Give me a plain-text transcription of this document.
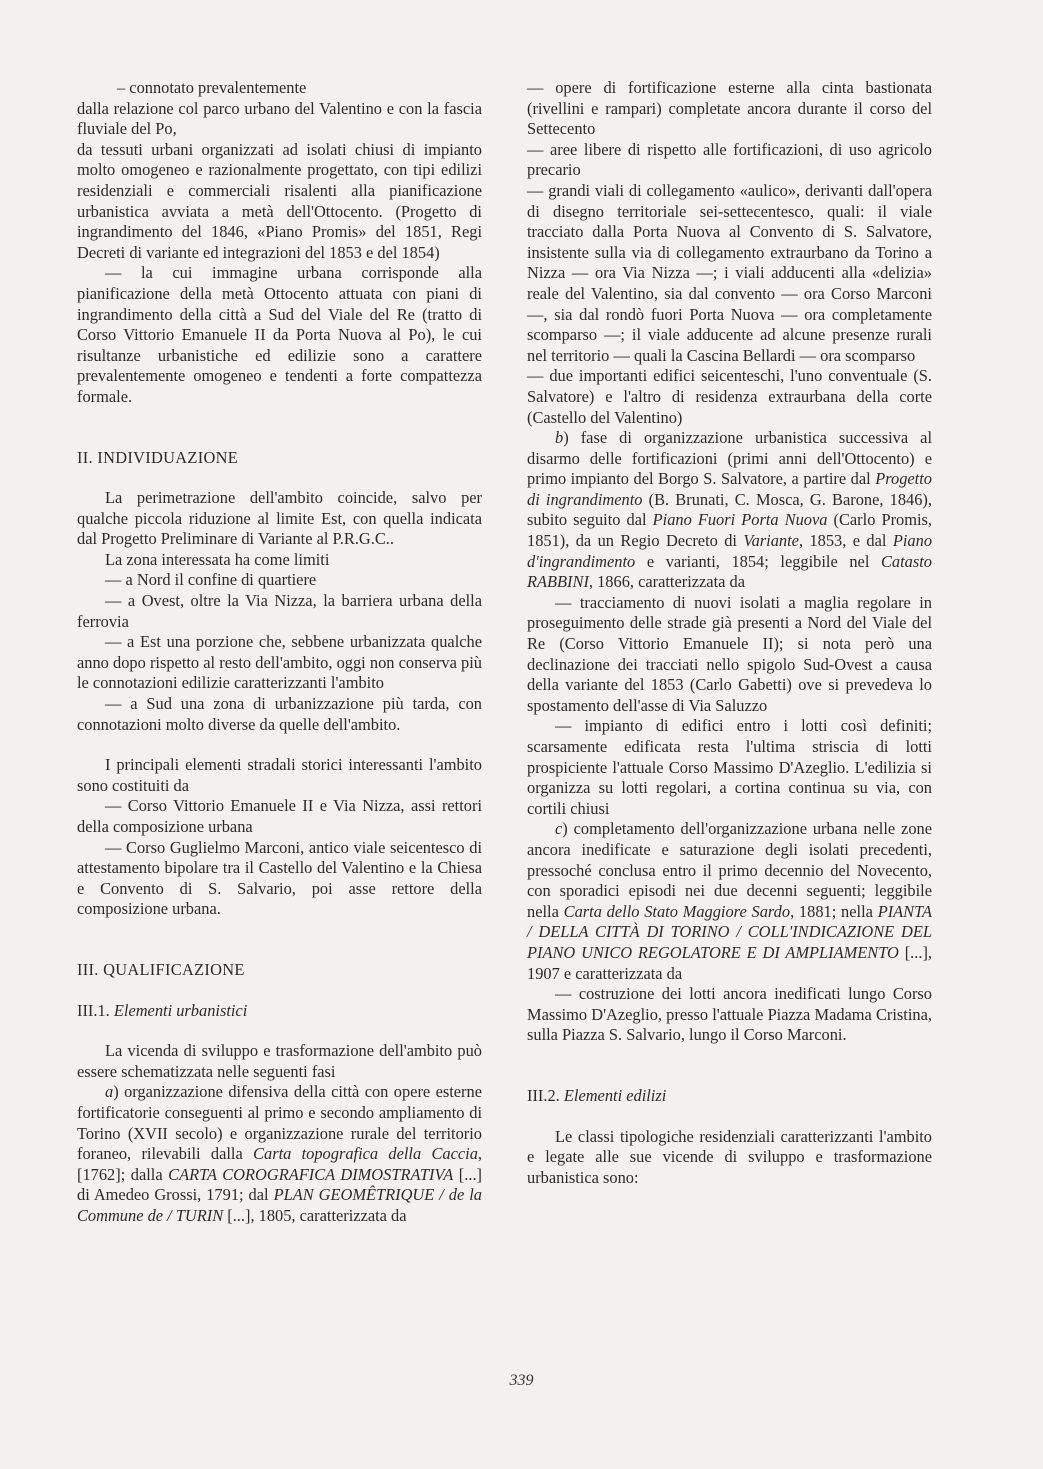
– connotato prevalentemente

dalla relazione col parco urbano del Valentino e con la fascia fluviale del Po,

da tessuti urbani organizzati ad isolati chiusi di impianto molto omogeneo e razionalmente progettato, con tipi edilizi residenziali e commerciali risalenti alla pianificazione urbanistica avviata a metà dell'Ottocento. (Progetto di ingrandimento del 1846, «Piano Promis» del 1851, Regi Decreti di variante ed integrazioni del 1853 e del 1854)

— la cui immagine urbana corrisponde alla pianificazione della metà Ottocento attuata con piani di ingrandimento della città a Sud del Viale del Re (tratto di Corso Vittorio Emanuele II da Porta Nuova al Po), le cui risultanze urbanistiche ed edilizie sono a carattere prevalentemente omogeneo e tendenti a forte compattezza formale.

II. INDIVIDUAZIONE

La perimetrazione dell'ambito coincide, salvo per qualche piccola riduzione al limite Est, con quella indicata dal Progetto Preliminare di Variante al P.R.G.C..

La zona interessata ha come limiti

— a Nord il confine di quartiere

— a Ovest, oltre la Via Nizza, la barriera urbana della ferrovia

— a Est una porzione che, sebbene urbanizzata qualche anno dopo rispetto al resto dell'ambito, oggi non conserva più le connotazioni edilizie caratterizzanti l'ambito

— a Sud una zona di urbanizzazione più tarda, con connotazioni molto diverse da quelle dell'ambito.

I principali elementi stradali storici interessanti l'ambito sono costituiti da

— Corso Vittorio Emanuele II e Via Nizza, assi rettori della composizione urbana

— Corso Guglielmo Marconi, antico viale seicentesco di attestamento bipolare tra il Castello del Valentino e la Chiesa e Convento di S. Salvario, poi asse rettore della composizione urbana.

III. QUALIFICAZIONE

III.1. Elementi urbanistici

La vicenda di sviluppo e trasformazione dell'ambito può essere schematizzata nelle seguenti fasi

a) organizzazione difensiva della città con opere esterne fortificatorie conseguenti al primo e secondo ampliamento di Torino (XVII secolo) e organizzazione rurale del territorio foraneo, rilevabili dalla Carta topografica della Caccia, [1762]; dalla CARTA COROGRAFICA DIMOSTRATIVA [...] di Amedeo Grossi, 1791; dal PLAN GEOMÊTRIQUE / de la Commune de / TURIN [...], 1805, caratterizzata da

— opere di fortificazione esterne alla cinta bastionata (rivellini e rampari) completate ancora durante il corso del Settecento

— aree libere di rispetto alle fortificazioni, di uso agricolo precario

— grandi viali di collegamento «aulico», derivanti dall'opera di disegno territoriale sei-settecentesco, quali: il viale tracciato dalla Porta Nuova al Convento di S. Salvatore, insistente sulla via di collegamento extraurbano da Torino a Nizza — ora Via Nizza —; i viali adducenti alla «delizia» reale del Valentino, sia dal convento — ora Corso Marconi —, sia dal rondò fuori Porta Nuova — ora completamente scomparso —; il viale adducente ad alcune presenze rurali nel territorio — quali la Cascina Bellardi — ora scomparso

— due importanti edifici seicenteschi, l'uno conventuale (S. Salvatore) e l'altro di residenza extraurbana della corte (Castello del Valentino)

b) fase di organizzazione urbanistica successiva al disarmo delle fortificazioni (primi anni dell'Ottocento) e primo impianto del Borgo S. Salvatore, a partire dal Progetto di ingrandimento (B. Brunati, C. Mosca, G. Barone, 1846), subito seguito dal Piano Fuori Porta Nuova (Carlo Promis, 1851), da un Regio Decreto di Variante, 1853, e dal Piano d'ingrandimento e varianti, 1854; leggibile nel Catasto RABBINI, 1866, caratterizzata da

— tracciamento di nuovi isolati a maglia regolare in proseguimento delle strade già presenti a Nord del Viale del Re (Corso Vittorio Emanuele II); si nota però una declinazione dei tracciati nello spigolo Sud-Ovest a causa della variante del 1853 (Carlo Gabetti) ove si prevedeva lo spostamento dell'asse di Via Saluzzo

— impianto di edifici entro i lotti così definiti; scarsamente edificata resta l'ultima striscia di lotti prospiciente l'attuale Corso Massimo D'Azeglio. L'edilizia si organizza su lotti regolari, a cortina continua su via, con cortili chiusi

c) completamento dell'organizzazione urbana nelle zone ancora inedificate e saturazione degli isolati precedenti, pressoché conclusa entro il primo decennio del Novecento, con sporadici episodi nei due decenni seguenti; leggibile nella Carta dello Stato Maggiore Sardo, 1881; nella PIANTA / DELLA CITTÀ DI TORINO / COLL'INDICAZIONE DEL PIANO UNICO REGOLATORE E DI AMPLIAMENTO [...], 1907 e caratterizzata da

— costruzione dei lotti ancora inedificati lungo Corso Massimo D'Azeglio, presso l'attuale Piazza Madama Cristina, sulla Piazza S. Salvario, lungo il Corso Marconi.

III.2. Elementi edilizi

Le classi tipologiche residenziali caratterizzanti l'ambito e legate alle sue vicende di sviluppo e trasformazione urbanistica sono:

339
